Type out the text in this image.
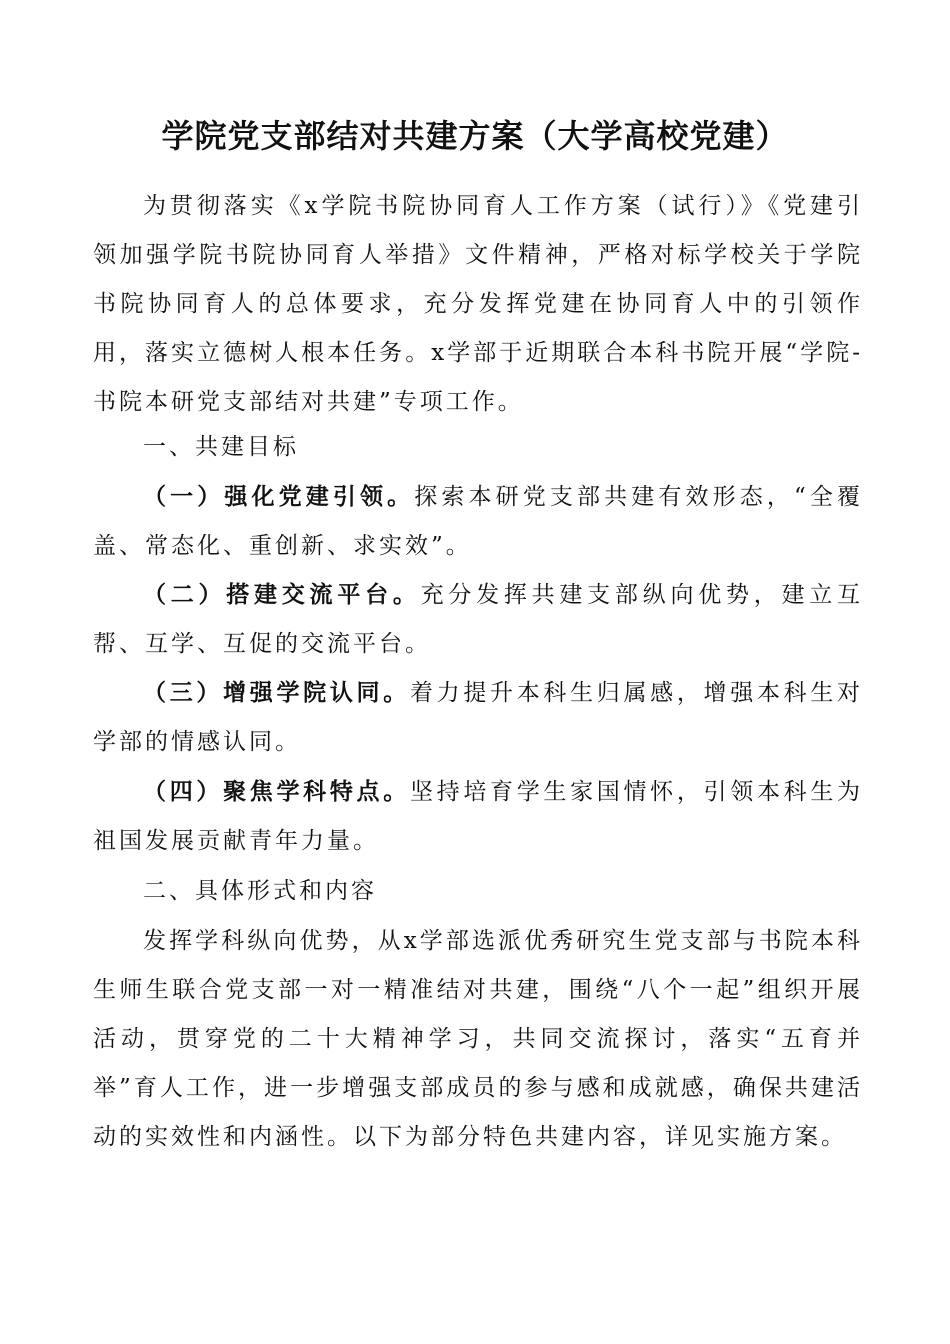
学院党支部结对共建方案（大学高校党建）

为贯彻落实《x学院书院协同育人工作方案（试行）》《党建引领加强学院书院协同育人举措》文件精神，严格对标学校关于学院书院协同育人的总体要求，充分发挥党建在协同育人中的引领作用，落实立德树人根本任务。x学部于近期联合本科书院开展“学院-书院本研党支部结对共建”专项工作。

一、共建目标

（一）强化党建引领。探索本研党支部共建有效形态，“全覆盖、常态化、重创新、求实效”。

（二）搭建交流平台。充分发挥共建支部纵向优势，建立互帮、互学、互促的交流平台。

（三）增强学院认同。着力提升本科生归属感，增强本科生对学部的情感认同。

（四）聚焦学科特点。坚持培育学生家国情怀，引领本科生为祖国发展贡献青年力量。

二、具体形式和内容

发挥学科纵向优势，从x学部选派优秀研究生党支部与书院本科生师生联合党支部一对一精准结对共建，围绕“八个一起”组织开展活动，贯穿党的二十大精神学习，共同交流探讨，落实“五育并举”育人工作，进一步增强支部成员的参与感和成就感，确保共建活动的实效性和内涵性。以下为部分特色共建内容，详见实施方案。
